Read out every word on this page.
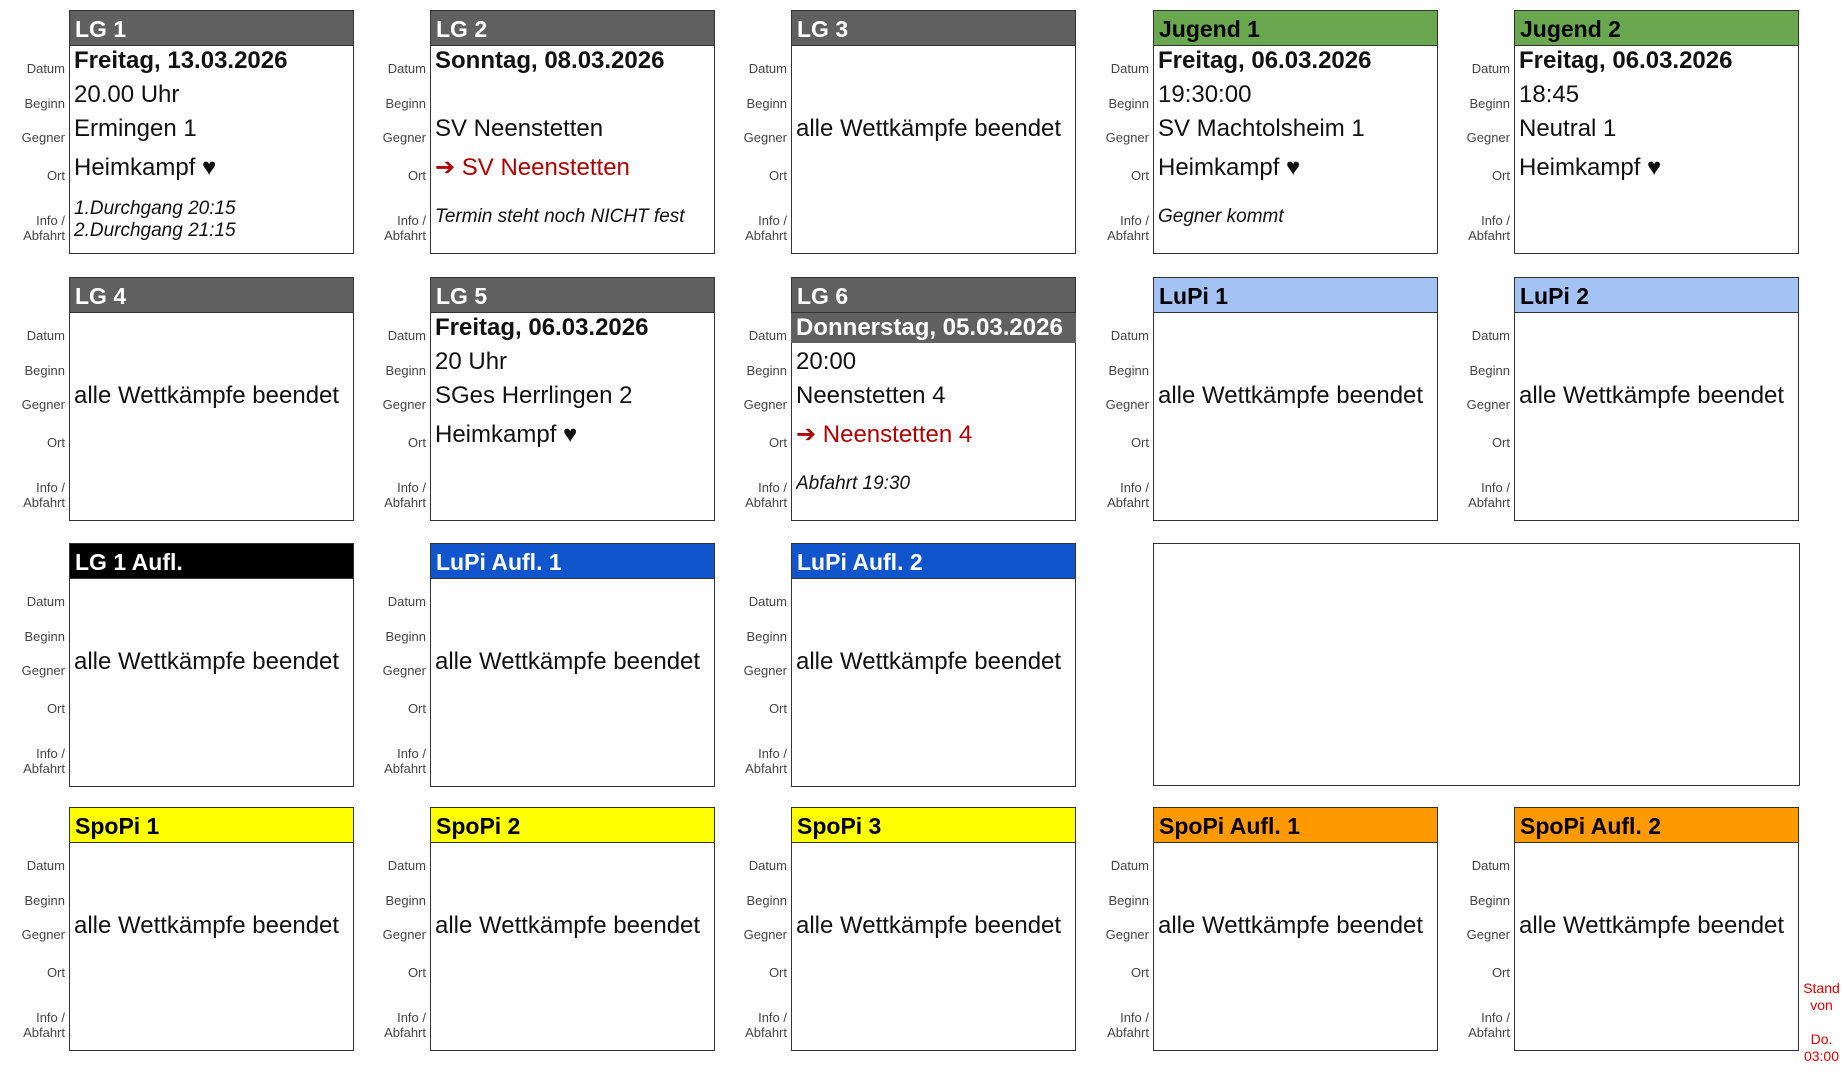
LG 1
Datum
Beginn
Gegner
Ort
Info /
Abfahrt
Freitag, 13.03.2026
20.00 Uhr
Ermingen 1
Heimkampf ♥
1.Durchgang 20:15
2.Durchgang 21:15
LG 2
Datum
Beginn
Gegner
Ort
Info /
Abfahrt
Sonntag, 08.03.2026
SV Neenstetten
➔ SV Neenstetten
Termin steht noch NICHT fest
LG 3
Datum
Beginn
Gegner
Ort
Info /
Abfahrt
alle Wettkämpfe beendet
Jugend 1
Datum
Beginn
Gegner
Ort
Info /
Abfahrt
Freitag, 06.03.2026
19:30:00
SV Machtolsheim 1
Heimkampf ♥
Gegner kommt
Jugend 2
Datum
Beginn
Gegner
Ort
Info /
Abfahrt
Freitag, 06.03.2026
18:45
Neutral 1
Heimkampf ♥
LG 4
Datum
Beginn
Gegner
Ort
Info /
Abfahrt
alle Wettkämpfe beendet
LG 5
Datum
Beginn
Gegner
Ort
Info /
Abfahrt
Freitag, 06.03.2026
20 Uhr
SGes Herrlingen 2
Heimkampf ♥
LG 6
Datum
Beginn
Gegner
Ort
Info /
Abfahrt
Donnerstag, 05.03.2026
20:00
Neenstetten 4
➔ Neenstetten 4
Abfahrt 19:30
LuPi 1
Datum
Beginn
Gegner
Ort
Info /
Abfahrt
alle Wettkämpfe beendet
LuPi 2
Datum
Beginn
Gegner
Ort
Info /
Abfahrt
alle Wettkämpfe beendet
LG 1 Aufl.
Datum
Beginn
Gegner
Ort
Info /
Abfahrt
alle Wettkämpfe beendet
LuPi Aufl. 1
Datum
Beginn
Gegner
Ort
Info /
Abfahrt
alle Wettkämpfe beendet
LuPi Aufl. 2
Datum
Beginn
Gegner
Ort
Info /
Abfahrt
alle Wettkämpfe beendet
SpoPi 1
Datum
Beginn
Gegner
Ort
Info /
Abfahrt
alle Wettkämpfe beendet
SpoPi 2
Datum
Beginn
Gegner
Ort
Info /
Abfahrt
alle Wettkämpfe beendet
SpoPi 3
Datum
Beginn
Gegner
Ort
Info /
Abfahrt
alle Wettkämpfe beendet
SpoPi Aufl. 1
Datum
Beginn
Gegner
Ort
Info /
Abfahrt
alle Wettkämpfe beendet
SpoPi Aufl. 2
Datum
Beginn
Gegner
Ort
Info /
Abfahrt
alle Wettkämpfe beendet
Stand
von

Do.
03:00
